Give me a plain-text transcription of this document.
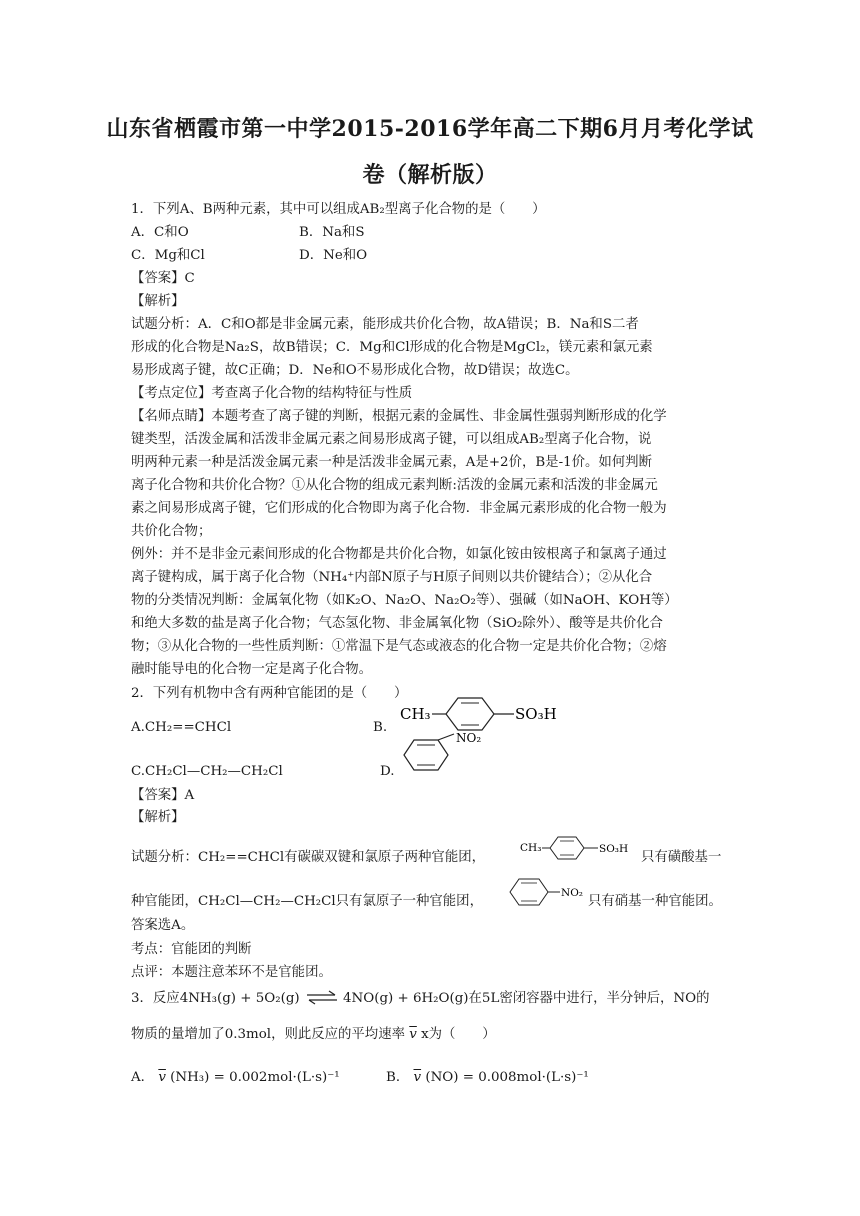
山东省栖霞市第一中学2015-2016学年高二下期6月月考化学试
卷（解析版）
1．下列A、B两种元素，其中可以组成AB₂型离子化合物的是（　　）
A．C和O	B．Na和S
C．Mg和Cl	D．Ne和O
【答案】C
【解析】
试题分析：A．C和O都是非金属元素，能形成共价化合物，故A错误；B．Na和S二者
形成的化合物是Na₂S，故B错误；C．Mg和Cl形成的化合物是MgCl₂，镁元素和氯元素
易形成离子键，故C正确；D．Ne和O不易形成化合物，故D错误；故选C。
【考点定位】考查离子化合物的结构特征与性质
【名师点睛】本题考查了离子键的判断，根据元素的金属性、非金属性强弱判断形成的化学
键类型，活泼金属和活泼非金属元素之间易形成离子键，可以组成AB₂型离子化合物，说
明两种元素一种是活泼金属元素一种是活泼非金属元素，A是+2价，B是-1价。如何判断
离子化合物和共价化合物？①从化合物的组成元素判断:活泼的金属元素和活泼的非金属元
素之间易形成离子键，它们形成的化合物即为离子化合物．非金属元素形成的化合物一般为
共价化合物；
例外：并不是非金元素间形成的化合物都是共价化合物，如氯化铵由铵根离子和氯离子通过
离子键构成，属于离子化合物（NH₄⁺内部N原子与H原子间则以共价键结合）；②从化合
物的分类情况判断：金属氧化物（如K₂O、Na₂O、Na₂O₂等）、强碱（如NaOH、KOH等）
和绝大多数的盐是离子化合物；气态氢化物、非金属氧化物（SiO₂除外）、酸等是共价化合
物；③从化合物的一些性质判断：①常温下是气态或液态的化合物一定是共价化合物；②熔
融时能导电的化合物一定是离子化合物。
2．下列有机物中含有两种官能团的是（　　）
A.CH₂==CHCl	B.
CH₃	SO₃H
C.CH₂Cl—CH₂—CH₂Cl	D.
NO₂
【答案】A
【解析】
试题分析：CH₂==CHCl有碳碳双键和氯原子两种官能团，
CH₃	SO₃H
只有磺酸基一
种官能团，CH₂Cl—CH₂—CH₂Cl只有氯原子一种官能团，
NO₂
只有硝基一种官能团。
答案选A。
考点：官能团的判断
点评：本题注意苯环不是官能团。
3．反应4NH₃(g) + 5O₂(g) ⇌ 4NO(g) + 6H₂O(g)在5L密闭容器中进行，半分钟后，NO的
物质的量增加了0.3mol，则此反应的平均速率 $\overline{v}$ x为（　　）
A． $\overline{v}$ (NH₃) = 0.002mol·(L·s)⁻¹	B． $\overline{v}$ (NO) = 0.008mol·(L·s)⁻¹
